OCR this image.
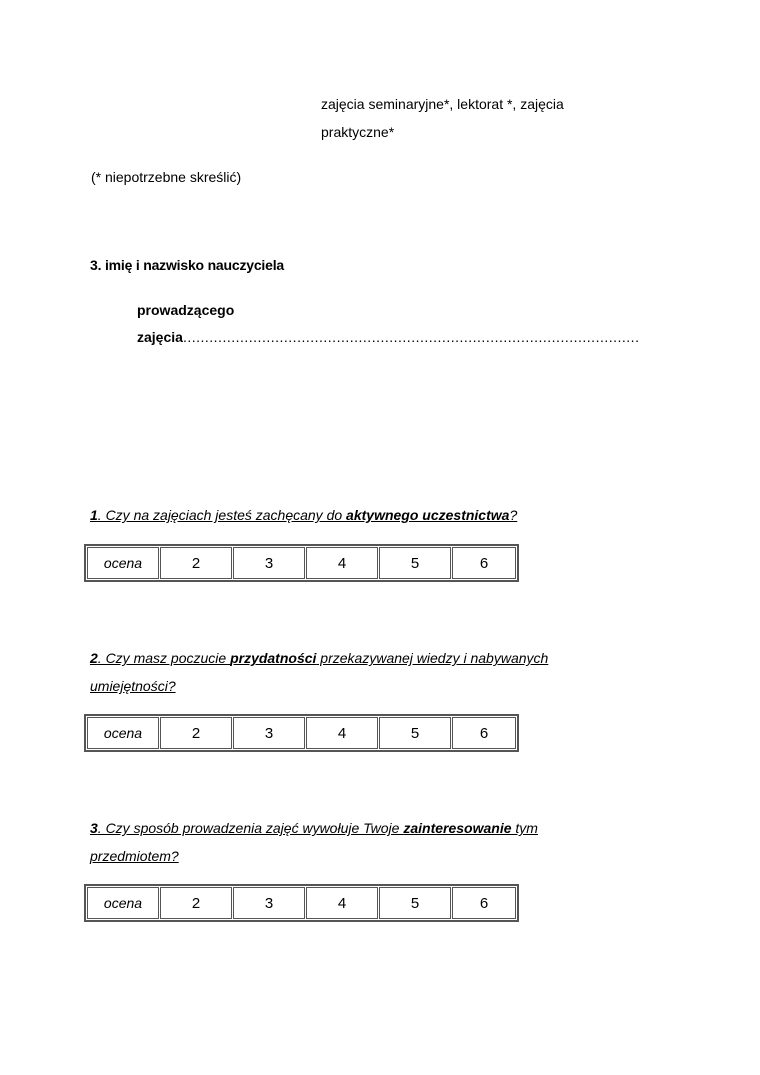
zajęcia seminaryjne*, lektorat *, zajęcia
praktyczne*
(* niepotrzebne skreślić)
3. imię i nazwisko nauczyciela
prowadzącego
zajęcia........................................................................................................
1. Czy na zajęciach jesteś zachęcany do aktywnego uczestnictwa?
ocena	2	3	4	5	6
2. Czy masz poczucie przydatności przekazywanej wiedzy i nabywanych
umiejętności?
ocena	2	3	4	5	6
3. Czy sposób prowadzenia zajęć wywołuje Twoje zainteresowanie tym
przedmiotem?
ocena	2	3	4	5	6
